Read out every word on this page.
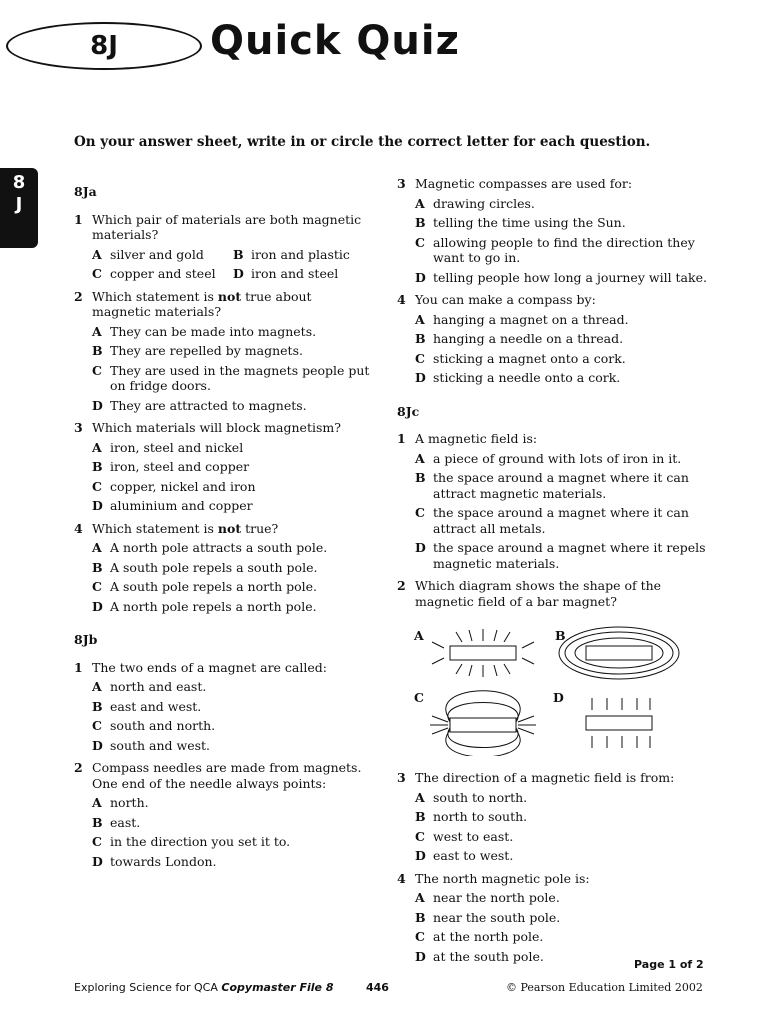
8J Quick Quiz
On your answer sheet, write in or circle the correct letter for each question.
8
J
8Ja
1 Which pair of materials are both magnetic materials?
A silver and gold B iron and plastic
C copper and steel D iron and steel
2 Which statement is not true about magnetic materials?
A They can be made into magnets.
B They are repelled by magnets.
C They are used in the magnets people put on fridge doors.
D They are attracted to magnets.
3 Which materials will block magnetism?
A iron, steel and nickel
B iron, steel and copper
C copper, nickel and iron
D aluminium and copper
4 Which statement is not true?
A A north pole attracts a south pole.
B A south pole repels a south pole.
C A south pole repels a north pole.
D A north pole repels a north pole.
8Jb
1 The two ends of a magnet are called:
A north and east.
B east and west.
C south and north.
D south and west.
2 Compass needles are made from magnets. One end of the needle always points:
A north.
B east.
C in the direction you set it to.
D towards London.
3 Magnetic compasses are used for:
A drawing circles.
B telling the time using the Sun.
C allowing people to find the direction they want to go in.
D telling people how long a journey will take.
4 You can make a compass by:
A hanging a magnet on a thread.
B hanging a needle on a thread.
C sticking a magnet onto a cork.
D sticking a needle onto a cork.
8Jc
1 A magnetic field is:
A a piece of ground with lots of iron in it.
B the space around a magnet where it can attract magnetic materials.
C the space around a magnet where it can attract all metals.
D the space around a magnet where it repels magnetic materials.
2 Which diagram shows the shape of the magnetic field of a bar magnet?
A	B
C	D
3 The direction of a magnetic field is from:
A south to north.
B north to south.
C west to east.
D east to west.
4 The north magnetic pole is:
A near the north pole.
B near the south pole.
C at the north pole.
D at the south pole.
Page 1 of 2
Exploring Science for QCA Copymaster File 8	446	© Pearson Education Limited 2002
